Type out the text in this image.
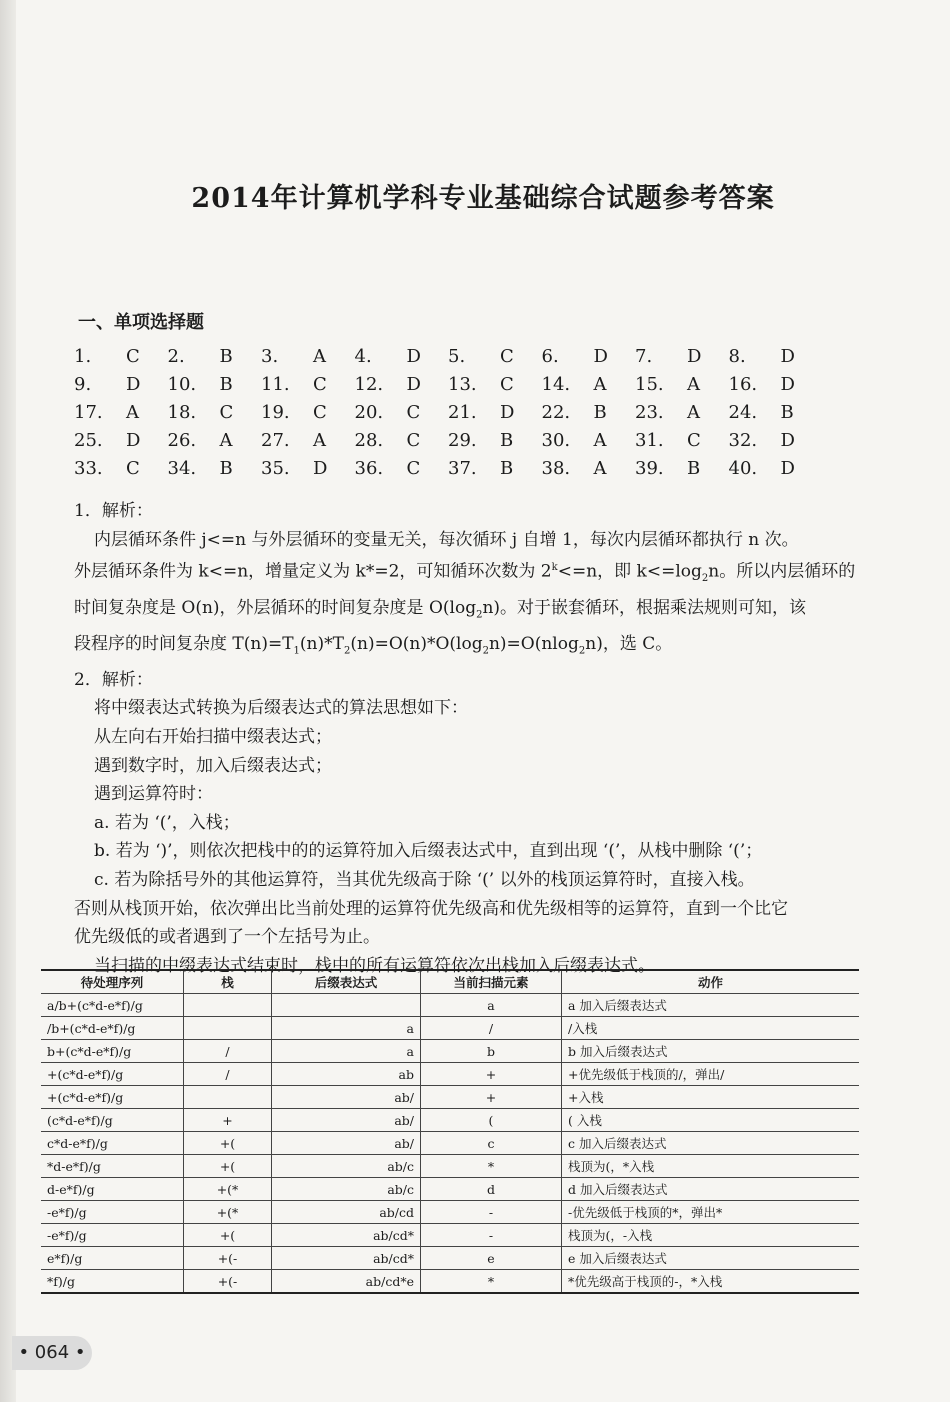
2014年计算机学科专业基础综合试题参考答案
一、单项选择题
1. C 2. B 3. A 4. D 5. C 6. D 7. D 8. D
9. D 10. B 11. C 12. D 13. C 14. A 15. A 16. D
17. A 18. C 19. C 20. C 21. D 22. B 23. A 24. B
25. D 26. A 27. A 28. C 29. B 30. A 31. C 32. D
33. C 34. B 35. D 36. C 37. B 38. A 39. B 40. D

1．解析：

内层循环条件 j<=n 与外层循环的变量无关，每次循环 j 自增 1，每次内层循环都执行 n 次。

外层循环条件为 k<=n，增量定义为 k*=2，可知循环次数为 $2^k<=n$，即 $k<=\log_2n$。所以内层循环的

时间复杂度是 O(n)，外层循环的时间复杂度是 $O(\log_2n)$。对于嵌套循环，根据乘法规则可知，该

段程序的时间复杂度 $T(n)=T_1(n)*T_2(n)=O(n)*O(\log_2n)=O(nlog_2n)$，选 C。

2．解析：

将中缀表达式转换为后缀表达式的算法思想如下：

从左向右开始扫描中缀表达式；

遇到数字时，加入后缀表达式；

遇到运算符时：

a. 若为 ‘(’，入栈；

b. 若为 ‘)’，则依次把栈中的的运算符加入后缀表达式中，直到出现 ‘(’，从栈中删除 ‘(’；

c. 若为除括号外的其他运算符，当其优先级高于除 ‘(’ 以外的栈顶运算符时，直接入栈。

否则从栈顶开始，依次弹出比当前处理的运算符优先级高和优先级相等的运算符，直到一个比它

优先级低的或者遇到了一个左括号为止。

当扫描的中缀表达式结束时，栈中的所有运算符依次出栈加入后缀表达式。

待处理序列	栈	后缀表达式	当前扫描元素	动作
a/b+(c*d-e*f)/g			a	a 加入后缀表达式
/b+(c*d-e*f)/g		a	/	/入栈
b+(c*d-e*f)/g	/	a	b	b 加入后缀表达式
+(c*d-e*f)/g	/	ab	+	+优先级低于栈顶的/，弹出/
+(c*d-e*f)/g		ab/	+	+入栈
(c*d-e*f)/g	+	ab/	(	( 入栈
c*d-e*f)/g	+(	ab/	c	c 加入后缀表达式
*d-e*f)/g	+(	ab/c	*	栈顶为(，*入栈
d-e*f)/g	+(*	ab/c	d	d 加入后缀表达式
-e*f)/g	+(*	ab/cd	-	-优先级低于栈顶的*，弹出*
-e*f)/g	+(	ab/cd*	-	栈顶为(，-入栈
e*f)/g	+(-	ab/cd*	e	e 加入后缀表达式
*f)/g	+(-	ab/cd*e	*	*优先级高于栈顶的-，*入栈
• 064 •
